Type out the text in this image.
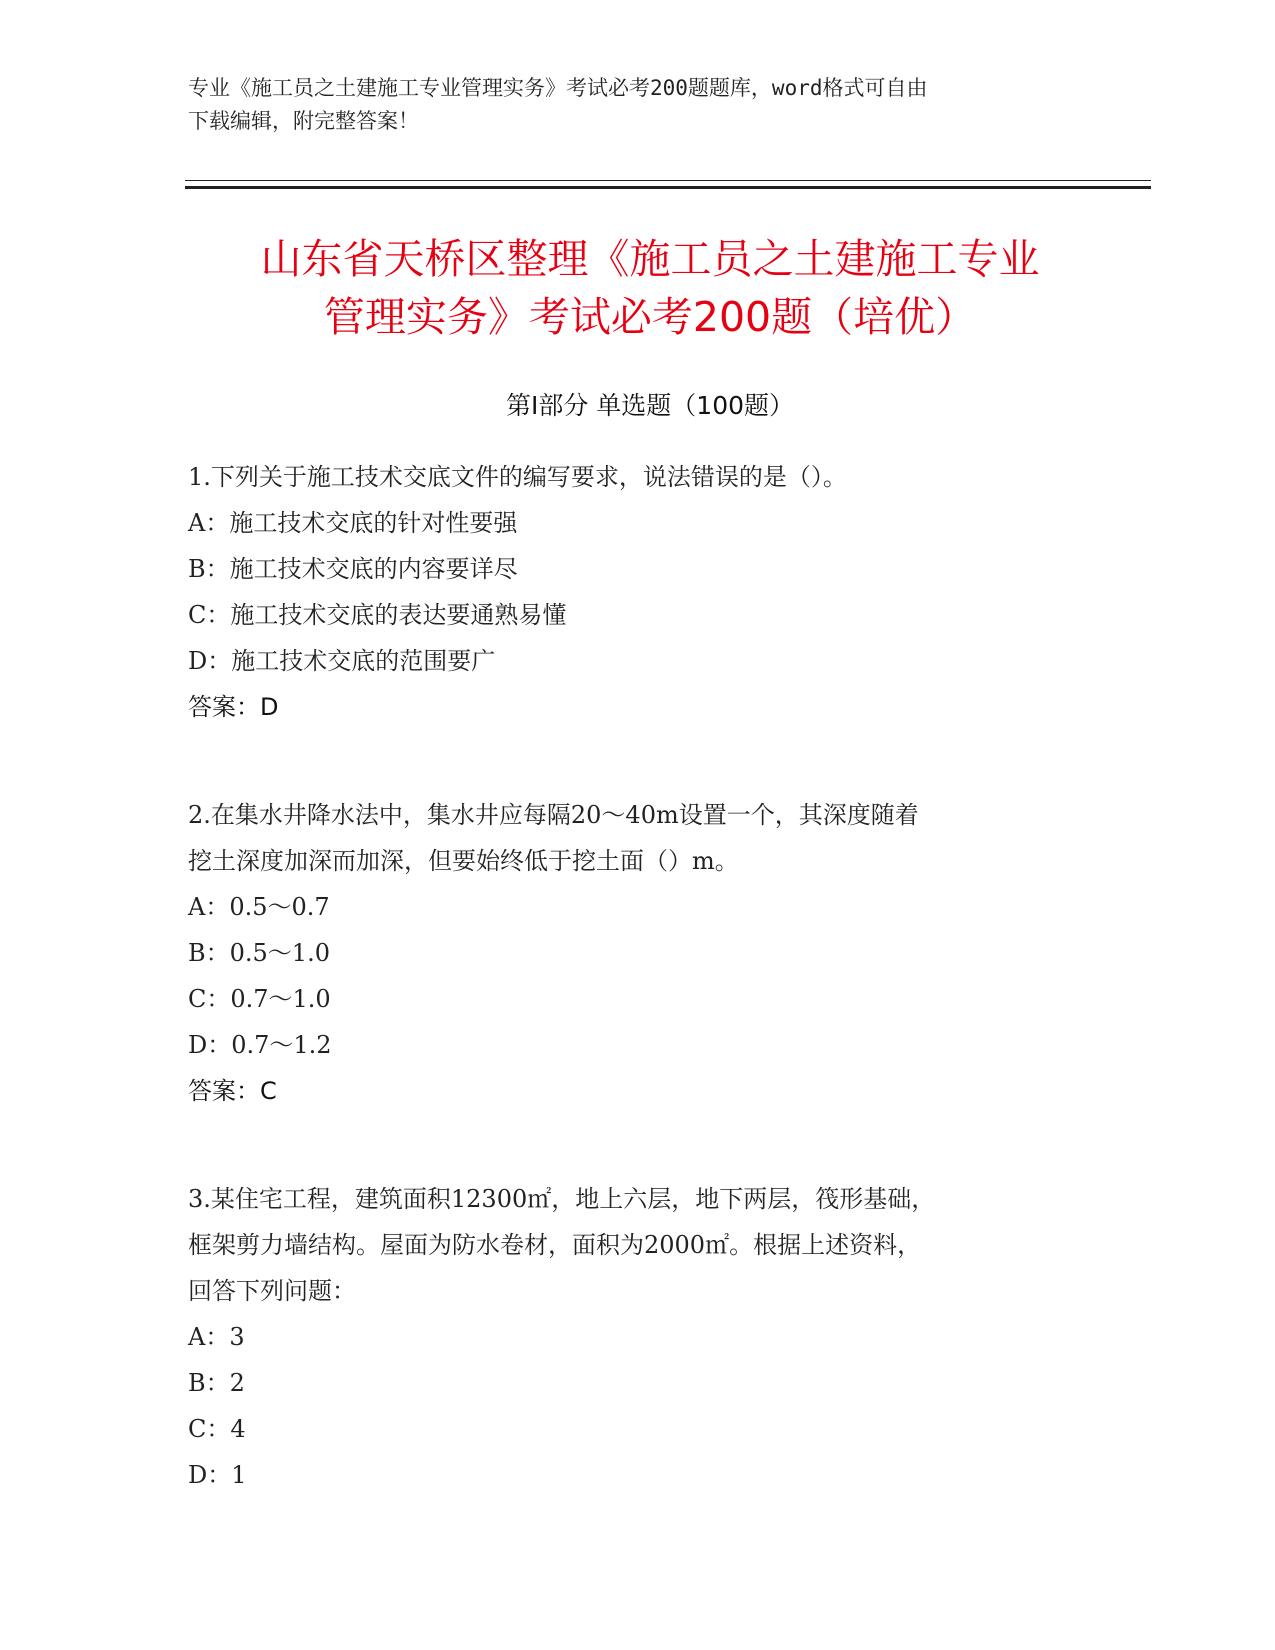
专业《施工员之土建施工专业管理实务》考试必考200题题库，word格式可自由
下载编辑，附完整答案！
山东省天桥区整理《施工员之土建施工专业
管理实务》考试必考200题（培优）
第Ⅰ部分 单选题（100题）
1.下列关于施工技术交底文件的编写要求，说法错误的是（）。
A：施工技术交底的针对性要强
B：施工技术交底的内容要详尽
C：施工技术交底的表达要通熟易懂
D：施工技术交底的范围要广
答案：D
2.在集水井降水法中，集水井应每隔20～40m设置一个，其深度随着
挖土深度加深而加深，但要始终低于挖土面（）m。
A：0.5～0.7
B：0.5～1.0
C：0.7～1.0
D：0.7～1.2
答案：C
3.某住宅工程，建筑面积12300㎡，地上六层，地下两层，筏形基础，
框架剪力墙结构。屋面为防水卷材，面积为2000㎡。根据上述资料，
回答下列问题：
A：3
B：2
C：4
D：1
